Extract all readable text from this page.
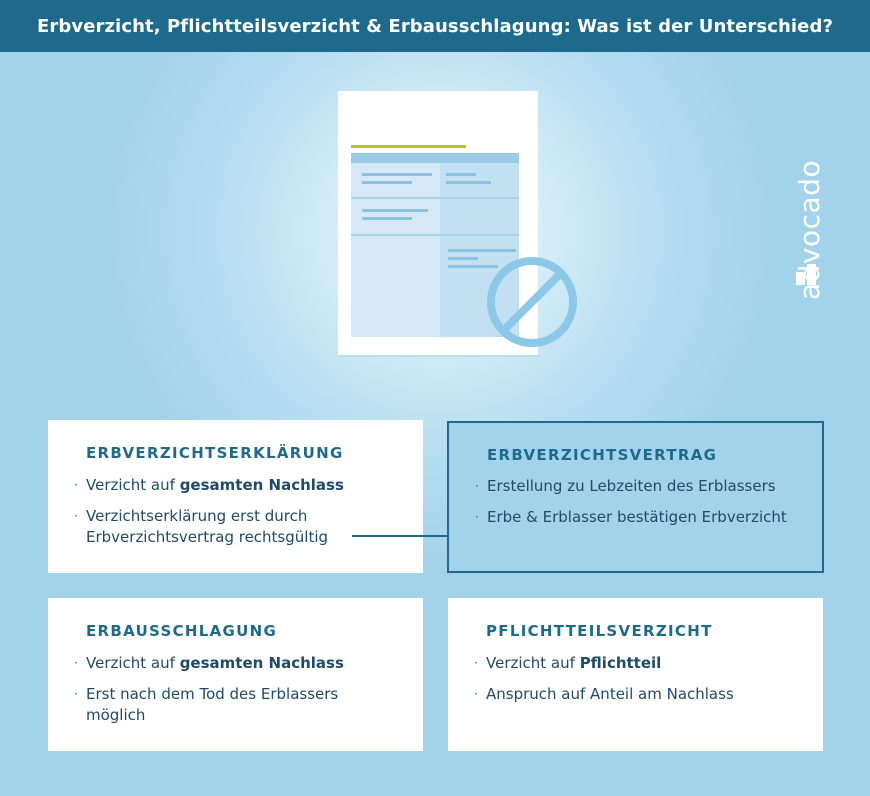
Erbverzicht, Pflichtteilsverzicht & Erbausschlagung: Was ist der Unterschied?
advocado
ERBVERZICHTSERKLÄRUNG
· Verzicht auf gesamten Nachlass
· Verzichtserklärung erst durch Erbverzichtsvertrag rechtsgültig
ERBVERZICHTSVERTRAG
· Erstellung zu Lebzeiten des Erblassers
· Erbe & Erblasser bestätigen Erbverzicht
ERBAUSSCHLAGUNG
· Verzicht auf gesamten Nachlass
· Erst nach dem Tod des Erblassers möglich
PFLICHTTEILSVERZICHT
· Verzicht auf Pflichtteil
· Anspruch auf Anteil am Nachlass
